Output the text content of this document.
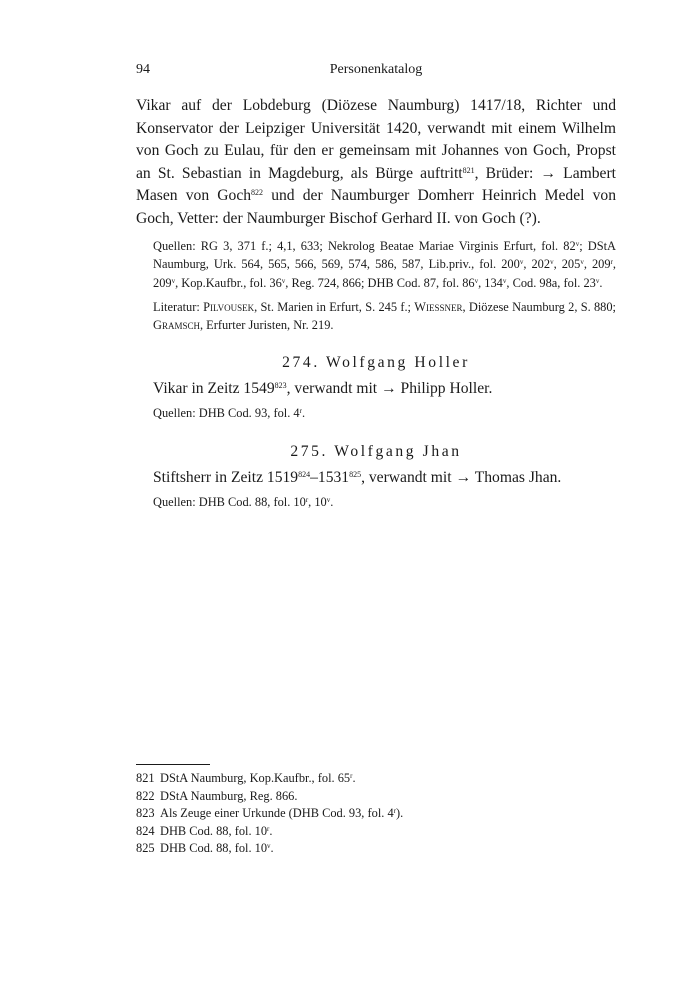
94	Personenkatalog

Vikar auf der Lobdeburg (Diözese Naumburg) 1417/18, Richter und Konservator der Leipziger Universität 1420, verwandt mit einem Wilhelm von Goch zu Eulau, für den er gemeinsam mit Johannes von Goch, Propst an St. Sebastian in Magdeburg, als Bürge auftritt$^{821}$, Brüder: → Lambert Masen von Goch$^{822}$ und der Naumburger Domherr Heinrich Medel von Goch, Vetter: der Naumburger Bischof Gerhard II. von Goch (?).

Quellen: RG 3, 371 f.; 4,1, 633; Nekrolog Beatae Mariae Virginis Erfurt, fol. 82$^v$; DStA Naumburg, Urk. 564, 565, 566, 569, 574, 586, 587, Lib.priv., fol. 200$^v$, 202$^v$, 205$^v$, 209$^r$, 209$^v$, Kop.Kaufbr., fol. 36$^v$, Reg. 724, 866; DHB Cod. 87, fol. 86$^v$, 134$^v$, Cod. 98a, fol. 23$^v$.

Literatur: Pilvousek, St. Marien in Erfurt, S. 245 f.; Wiessner, Diözese Naumburg 2, S. 880; Gramsch, Erfurter Juristen, Nr. 219.

274. Wolfgang Holler

Vikar in Zeitz 1549$^{823}$, verwandt mit → Philipp Holler.

Quellen: DHB Cod. 93, fol. 4$^r$.

275. Wolfgang Jhan

Stiftsherr in Zeitz 1519$^{824}$–1531$^{825}$, verwandt mit → Thomas Jhan.

Quellen: DHB Cod. 88, fol. 10$^r$, 10$^v$.

821 DStA Naumburg, Kop.Kaufbr., fol. 65$^r$.

822 DStA Naumburg, Reg. 866.

823 Als Zeuge einer Urkunde (DHB Cod. 93, fol. 4$^r$).

824 DHB Cod. 88, fol. 10$^r$.

825 DHB Cod. 88, fol. 10$^v$.
